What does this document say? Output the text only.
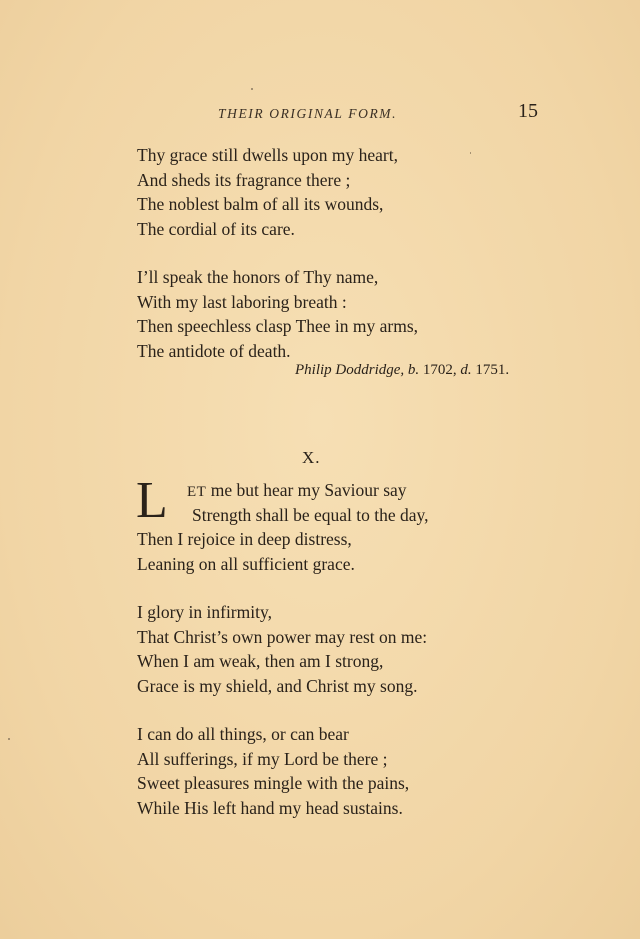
THEIR ORIGINAL FORM.	15
Thy grace still dwells upon my heart,
And sheds its fragrance there ;
The noblest balm of all its wounds,
The cordial of its care.
I’ll speak the honors of Thy name,
With my last laboring breath :
Then speechless clasp Thee in my arms,
The antidote of death.
Philip Doddridge, b. 1702, d. 1751.
X.
L ET me but hear my Saviour say
Strength shall be equal to the day,
Then I rejoice in deep distress,
Leaning on all sufficient grace.
I glory in infirmity,
That Christ’s own power may rest on me:
When I am weak, then am I strong,
Grace is my shield, and Christ my song.
I can do all things, or can bear
All sufferings, if my Lord be there ;
Sweet pleasures mingle with the pains,
While His left hand my head sustains.
